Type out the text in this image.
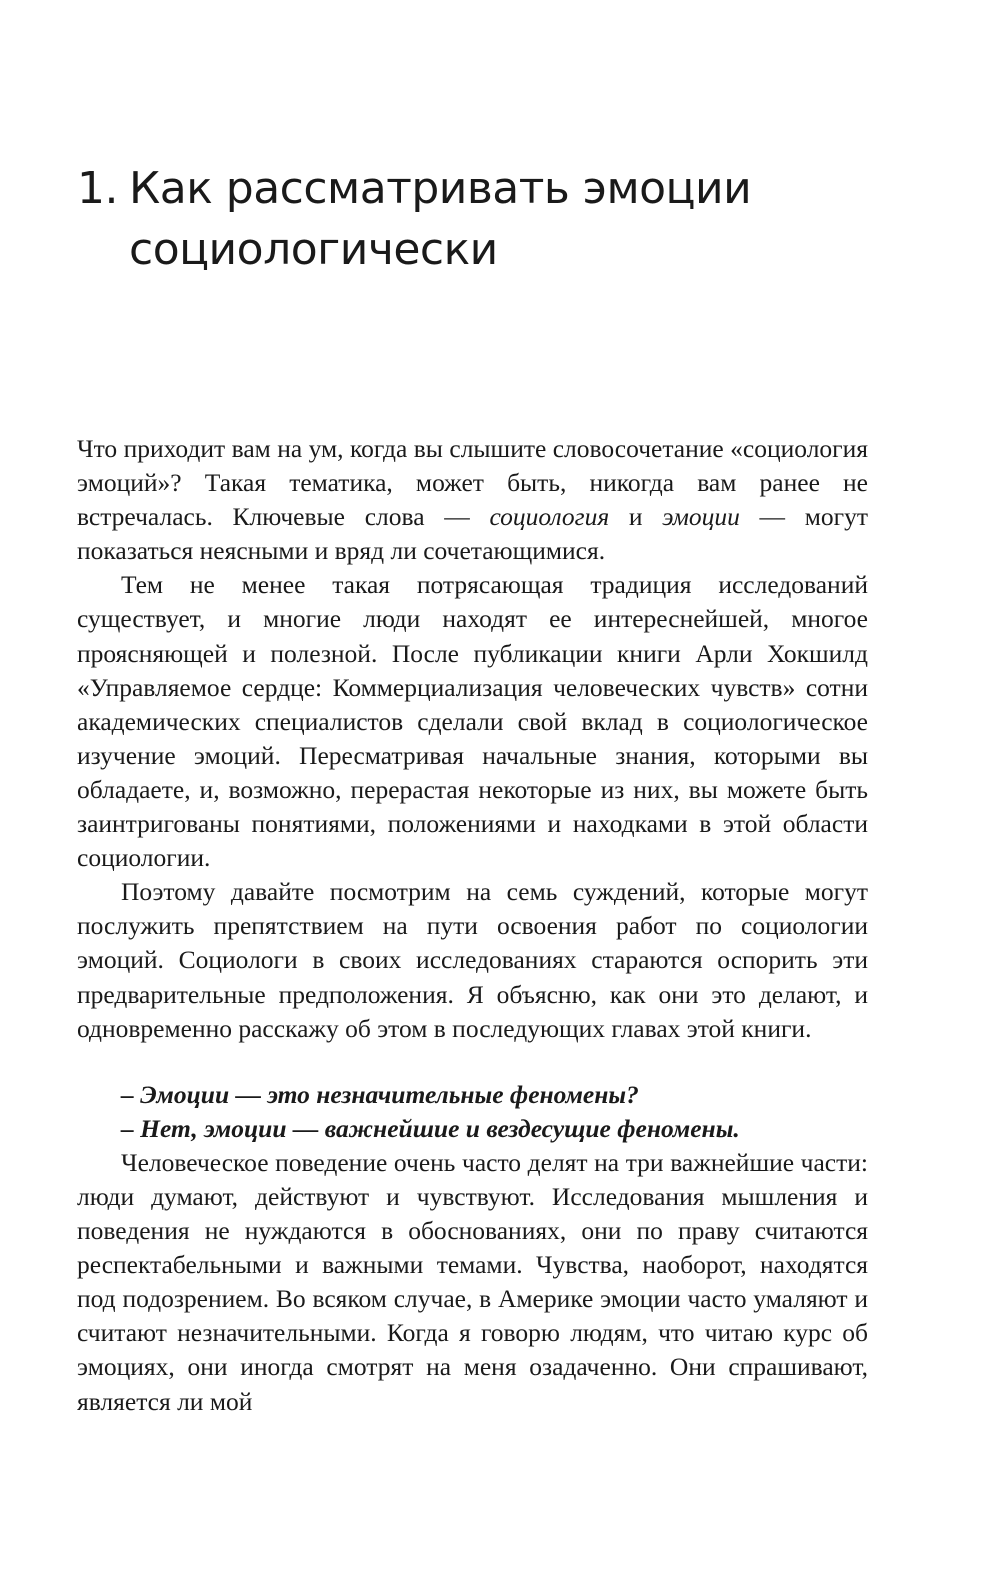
1. Как рассматривать эмоции
социологически

Что приходит вам на ум, когда вы слышите словосочетание «социология эмоций»? Такая тематика, может быть, никогда вам ранее не встречалась. Ключевые слова — социология и эмоции — могут показаться неясными и вряд ли сочетающимися.

Тем не менее такая потрясающая традиция исследований существует, и многие люди находят ее интереснейшей, многое проясняющей и полезной. После публикации книги Арли Хокшилд «Управляемое сердце: Коммерциализация человеческих чувств» сотни академических специалистов сделали свой вклад в социологическое изучение эмоций. Пересматривая начальные знания, которыми вы обладаете, и, возможно, перерастая некоторые из них, вы можете быть заинтригованы понятиями, положениями и находками в этой области социологии.

Поэтому давайте посмотрим на семь суждений, которые могут послужить препятствием на пути освоения работ по социологии эмоций. Социологи в своих исследованиях стараются оспорить эти предварительные предположения. Я объясню, как они это делают, и одновременно расскажу об этом в последующих главах этой книги.

– Эмоции — это незначительные феномены?
– Нет, эмоции — важнейшие и вездесущие феномены.

Человеческое поведение очень часто делят на три важнейшие части: люди думают, действуют и чувствуют. Исследования мышления и поведения не нуждаются в обоснованиях, они по праву считаются респектабельными и важными темами. Чувства, наоборот, находятся под подозрением. Во всяком случае, в Америке эмоции часто умаляют и считают незначительными. Когда я говорю людям, что читаю курс об эмоциях, они иногда смотрят на меня озадаченно. Они спрашивают, является ли мой
